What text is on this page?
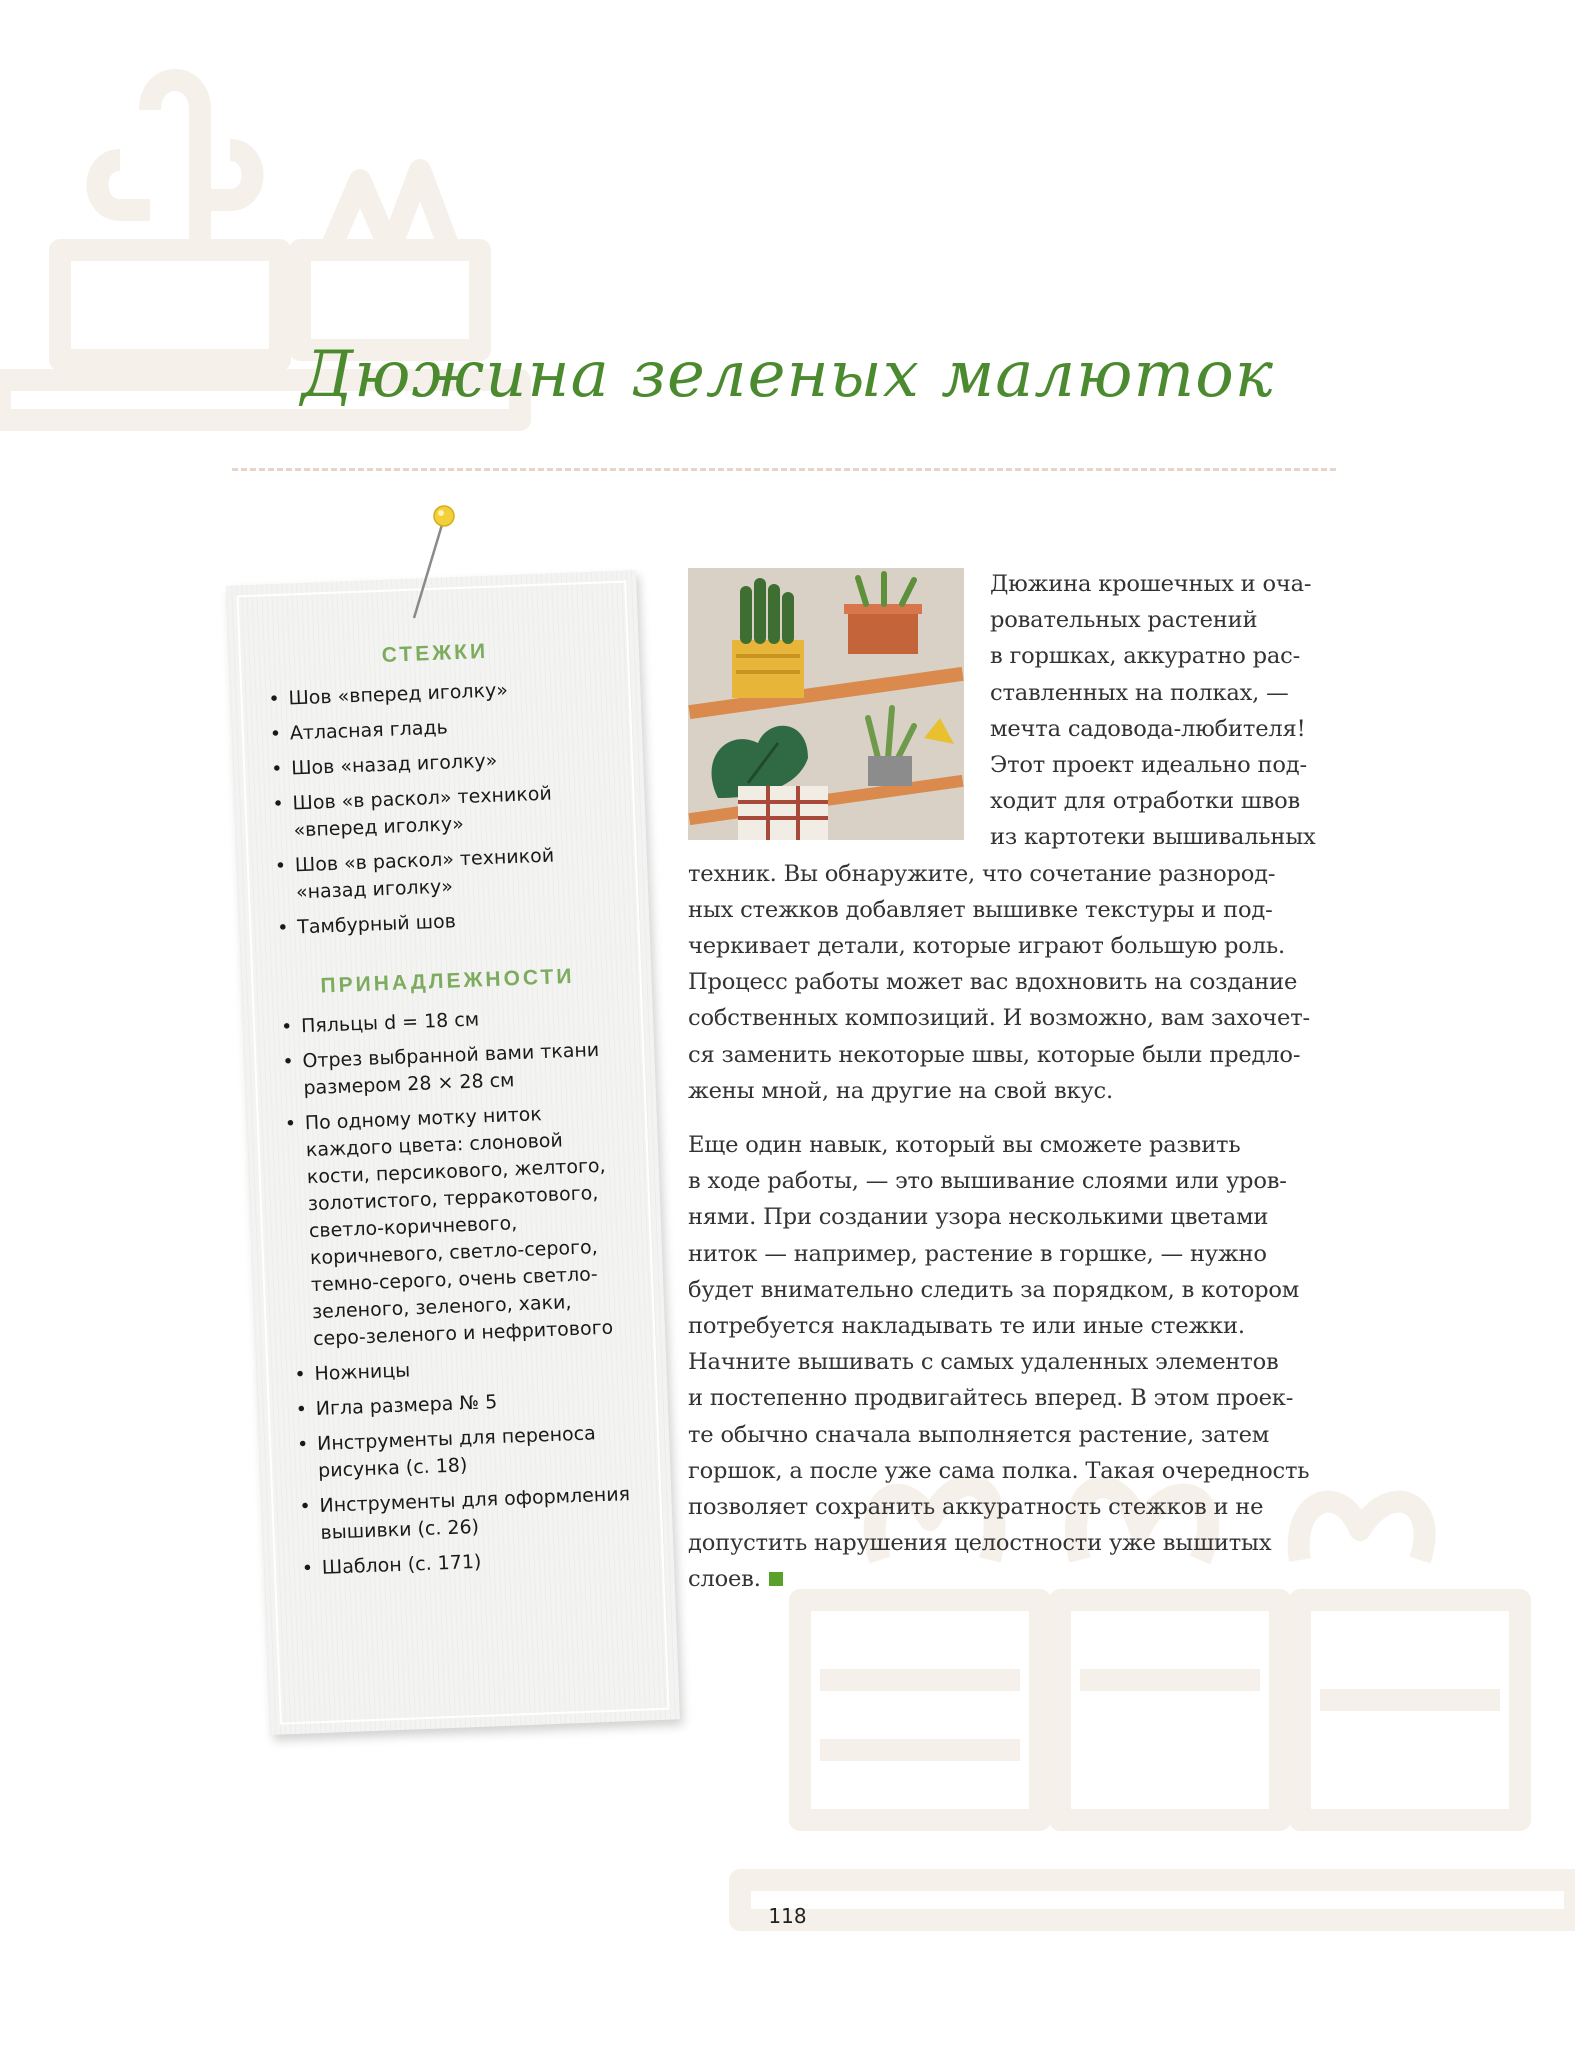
Дюжина зеленых малюток
СТЕЖКИ
• Шов «вперед иголку»
• Атласная гладь
• Шов «назад иголку»
• Шов «в раскол» техникой «вперед иголку»
• Шов «в раскол» техникой «назад иголку»
• Тамбурный шов
ПРИНАДЛЕЖНОСТИ
• Пяльцы d = 18 см
• Отрез выбранной вами ткани размером 28 × 28 см
• По одному мотку ниток каждого цвета: слоновой кости, персикового, желтого, золотистого, терракотового, светло-коричневого, коричневого, светло-серого, темно-серого, очень светло-зеленого, зеленого, хаки, серо-зеленого и нефритового
• Ножницы
• Игла размера № 5
• Инструменты для переноса рисунка (с. 18)
• Инструменты для оформления вышивки (с. 26)
• Шаблон (с. 171)
Дюжина крошечных и оча-
ровательных растений
в горшках, аккуратно рас-
ставленных на полках, —
мечта садовода-любителя!
Этот проект идеально под-
ходит для отработки швов
из картотеки вышивальных
техник. Вы обнаружите, что сочетание разнород-
ных стежков добавляет вышивке текстуры и под-
черкивает детали, которые играют большую роль.
Процесс работы может вас вдохновить на создание
собственных композиций. И возможно, вам захочет-
ся заменить некоторые швы, которые были предло-
жены мной, на другие на свой вкус.
Еще один навык, который вы сможете развить
в ходе работы, — это вышивание слоями или уров-
нями. При создании узора несколькими цветами
ниток — например, растение в горшке, — нужно
будет внимательно следить за порядком, в котором
потребуется накладывать те или иные стежки.
Начните вышивать с самых удаленных элементов
и постепенно продвигайтесь вперед. В этом проек-
те обычно сначала выполняется растение, затем
горшок, а после уже сама полка. Такая очередность
позволяет сохранить аккуратность стежков и не
допустить нарушения целостности уже вышитых
слоев.
118
